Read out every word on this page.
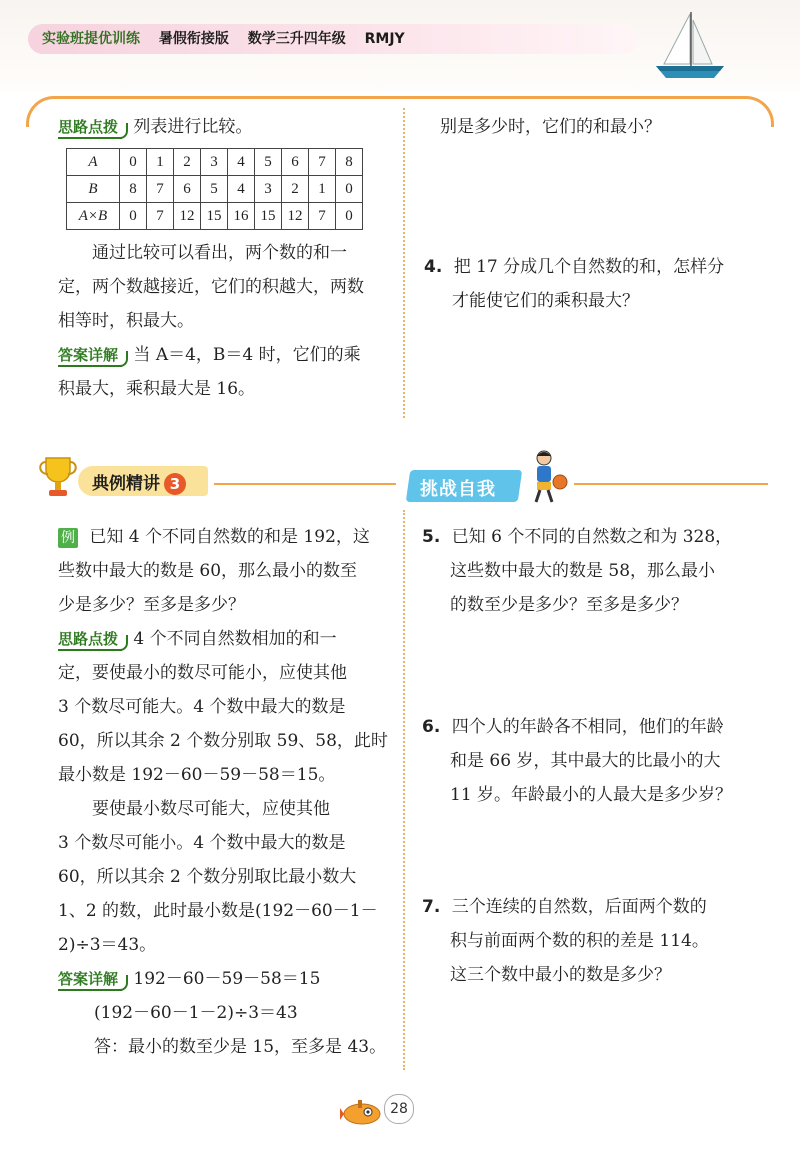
实验班提优训练 暑假衔接版 数学三升四年级 RMJY

思路点拨 列表进行比较。

A	0	1	2	3	4	5	6	7	8
B	8	7	6	5	4	3	2	1	0
A×B	0	7	12	15	16	15	12	7	0

通过比较可以看出，两个数的和一

定，两个数越接近，它们的积越大，两数

相等时，积最大。

答案详解 当 A＝4，B＝4 时，它们的乘

积最大，乘积最大是 16。

别是多少时，它们的和最小？

4. 把 17 分成几个自然数的和，怎样分

才能使它们的乘积最大？

典例精讲 3	挑战自我

例 已知 4 个不同自然数的和是 192，这

些数中最大的数是 60，那么最小的数至

少是多少？至多是多少？

思路点拨 4 个不同自然数相加的和一

定，要使最小的数尽可能小，应使其他

3 个数尽可能大。4 个数中最大的数是

60，所以其余 2 个数分别取 59、58，此时

最小数是 192－60－59－58＝15。

要使最小数尽可能大，应使其他

3 个数尽可能小。4 个数中最大的数是

60，所以其余 2 个数分别取比最小数大

1、2 的数，此时最小数是(192－60－1－

2)÷3＝43。

答案详解 192－60－59－58＝15

(192－60－1－2)÷3＝43

答：最小的数至少是 15，至多是 43。

5. 已知 6 个不同的自然数之和为 328，

这些数中最大的数是 58，那么最小

的数至少是多少？至多是多少？

6. 四个人的年龄各不相同，他们的年龄

和是 66 岁，其中最大的比最小的大

11 岁。年龄最小的人最大是多少岁？

7. 三个连续的自然数，后面两个数的

积与前面两个数的积的差是 114。

这三个数中最小的数是多少？

28
